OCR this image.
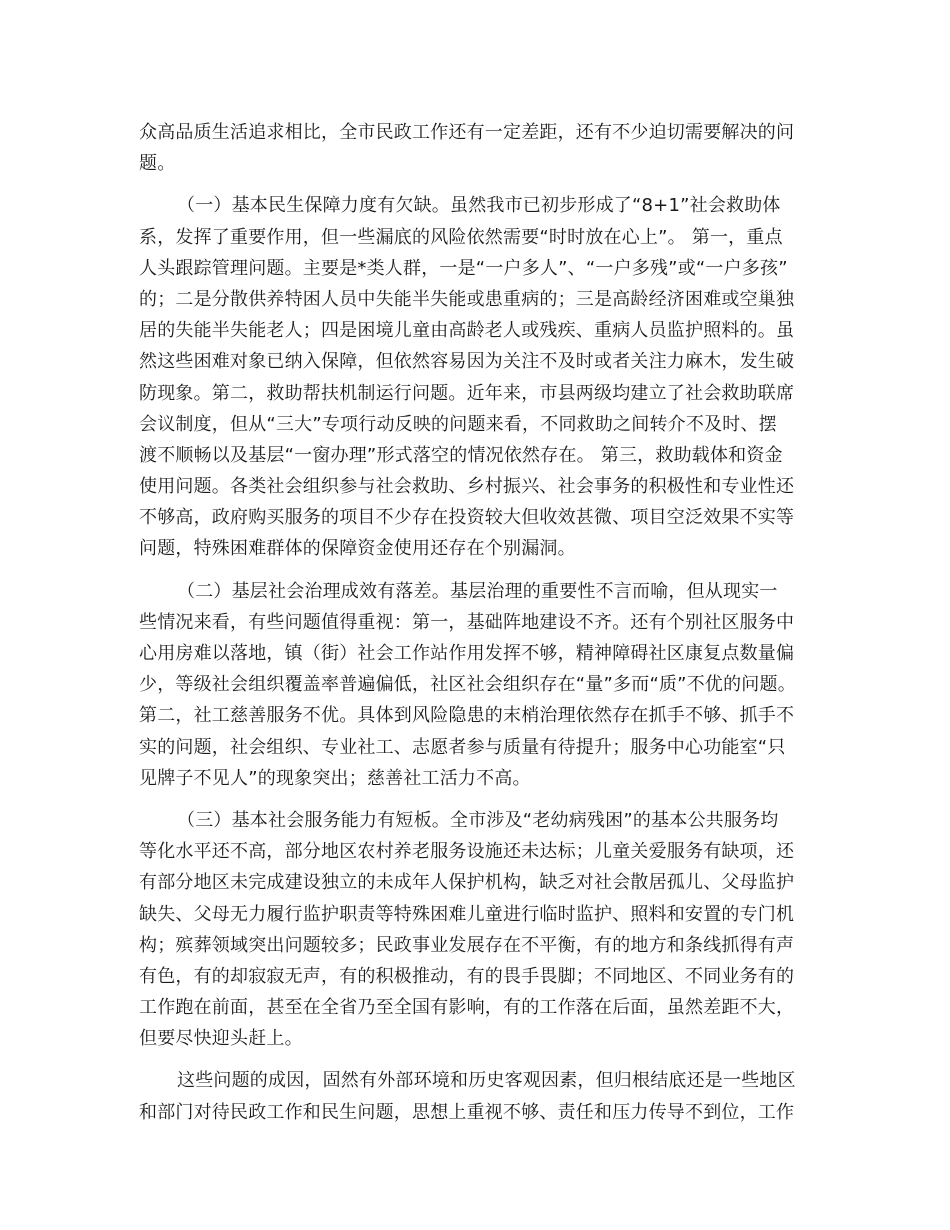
众高品质生活追求相比，全市民政工作还有一定差距，还有不少迫切需要解决的问
题。
（一）基本民生保障力度有欠缺。虽然我市已初步形成了“8+1”社会救助体
系，发挥了重要作用，但一些漏底的风险依然需要“时时放在心上”。 第一，重点
人头跟踪管理问题。主要是*类人群，一是“一户多人”、“一户多残”或“一户多孩”
的；二是分散供养特困人员中失能半失能或患重病的；三是高龄经济困难或空巢独
居的失能半失能老人；四是困境儿童由高龄老人或残疾、重病人员监护照料的。虽
然这些困难对象已纳入保障，但依然容易因为关注不及时或者关注力麻木，发生破
防现象。第二，救助帮扶机制运行问题。近年来，市县两级均建立了社会救助联席
会议制度，但从“三大”专项行动反映的问题来看，不同救助之间转介不及时、摆
渡不顺畅以及基层“一窗办理”形式落空的情况依然存在。 第三，救助载体和资金
使用问题。各类社会组织参与社会救助、乡村振兴、社会事务的积极性和专业性还
不够高，政府购买服务的项目不少存在投资较大但收效甚微、项目空泛效果不实等
问题，特殊困难群体的保障资金使用还存在个别漏洞。
（二）基层社会治理成效有落差。基层治理的重要性不言而喻，但从现实一
些情况来看，有些问题值得重视：第一，基础阵地建设不齐。还有个别社区服务中
心用房难以落地，镇（街）社会工作站作用发挥不够，精神障碍社区康复点数量偏
少，等级社会组织覆盖率普遍偏低，社区社会组织存在“量”多而“质”不优的问题。
第二，社工慈善服务不优。具体到风险隐患的末梢治理依然存在抓手不够、抓手不
实的问题，社会组织、专业社工、志愿者参与质量有待提升；服务中心功能室“只
见牌子不见人”的现象突出；慈善社工活力不高。
（三）基本社会服务能力有短板。全市涉及“老幼病残困”的基本公共服务均
等化水平还不高，部分地区农村养老服务设施还未达标；儿童关爱服务有缺项，还
有部分地区未完成建设独立的未成年人保护机构，缺乏对社会散居孤儿、父母监护
缺失、父母无力履行监护职责等特殊困难儿童进行临时监护、照料和安置的专门机
构；殡葬领域突出问题较多；民政事业发展存在不平衡，有的地方和条线抓得有声
有色，有的却寂寂无声，有的积极推动，有的畏手畏脚；不同地区、不同业务有的
工作跑在前面，甚至在全省乃至全国有影响，有的工作落在后面，虽然差距不大，
但要尽快迎头赶上。
这些问题的成因，固然有外部环境和历史客观因素，但归根结底还是一些地区
和部门对待民政工作和民生问题，思想上重视不够、责任和压力传导不到位，工作
